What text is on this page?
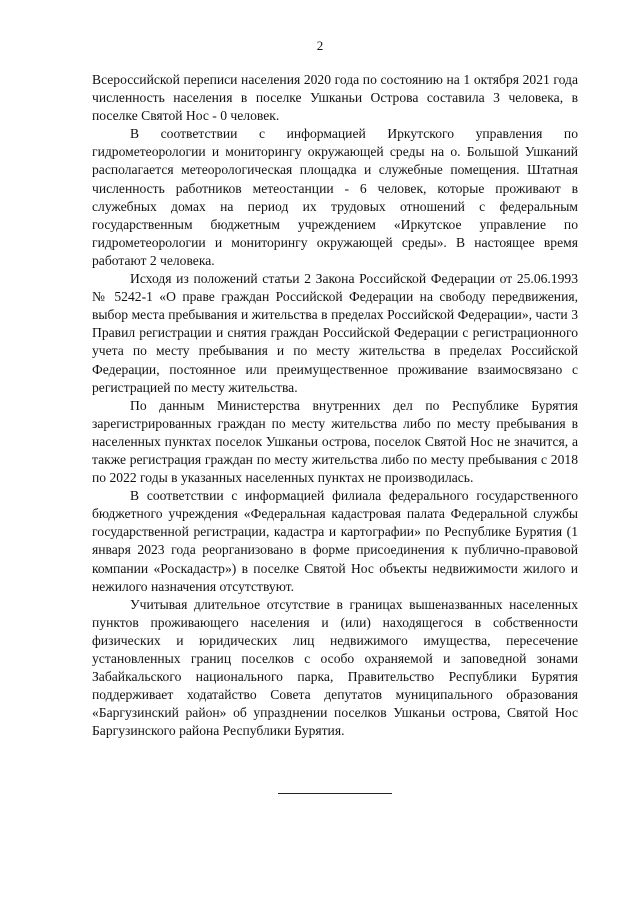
2

Всероссийской переписи населения 2020 года по состоянию на 1 октября 2021 года численность населения в поселке Ушканьи Острова составила 3 человека, в поселке Святой Нос - 0 человек.

В соответствии с информацией Иркутского управления по гидрометеорологии и мониторингу окружающей среды на о. Большой Ушканий располагается метеорологическая площадка и служебные помещения. Штатная численность работников метеостанции - 6 человек, которые проживают в служебных домах на период их трудовых отношений с федеральным государственным бюджетным учреждением «Иркутское управление по гидрометеорологии и мониторингу окружающей среды». В настоящее время работают 2 человека.

Исходя из положений статьи 2 Закона Российской Федерации от 25.06.1993 № 5242-1 «О праве граждан Российской Федерации на свободу передвижения, выбор места пребывания и жительства в пределах Российской Федерации», части 3 Правил регистрации и снятия граждан Российской Федерации с регистрационного учета по месту пребывания и по месту жительства в пределах Российской Федерации, постоянное или преимущественное проживание взаимосвязано с регистрацией по месту жительства.

По данным Министерства внутренних дел по Республике Бурятия зарегистрированных граждан по месту жительства либо по месту пребывания в населенных пунктах поселок Ушканьи острова, поселок Святой Нос не значится, а также регистрация граждан по месту жительства либо по месту пребывания с 2018 по 2022 годы в указанных населенных пунктах не производилась.

В соответствии с информацией филиала федерального государственного бюджетного учреждения «Федеральная кадастровая палата Федеральной службы государственной регистрации, кадастра и картографии» по Республике Бурятия (1 января 2023 года реорганизовано в форме присоединения к публично-правовой компании «Роскадастр») в поселке Святой Нос объекты недвижимости жилого и нежилого назначения отсутствуют.

Учитывая длительное отсутствие в границах вышеназванных населенных пунктов проживающего населения и (или) находящегося в собственности физических и юридических лиц недвижимого имущества, пересечение установленных границ поселков с особо охраняемой и заповедной зонами Забайкальского национального парка, Правительство Республики Бурятия поддерживает ходатайство Совета депутатов муниципального образования «Баргузинский район» об упразднении поселков Ушканьи острова, Святой Нос Баргузинского района Республики Бурятия.
